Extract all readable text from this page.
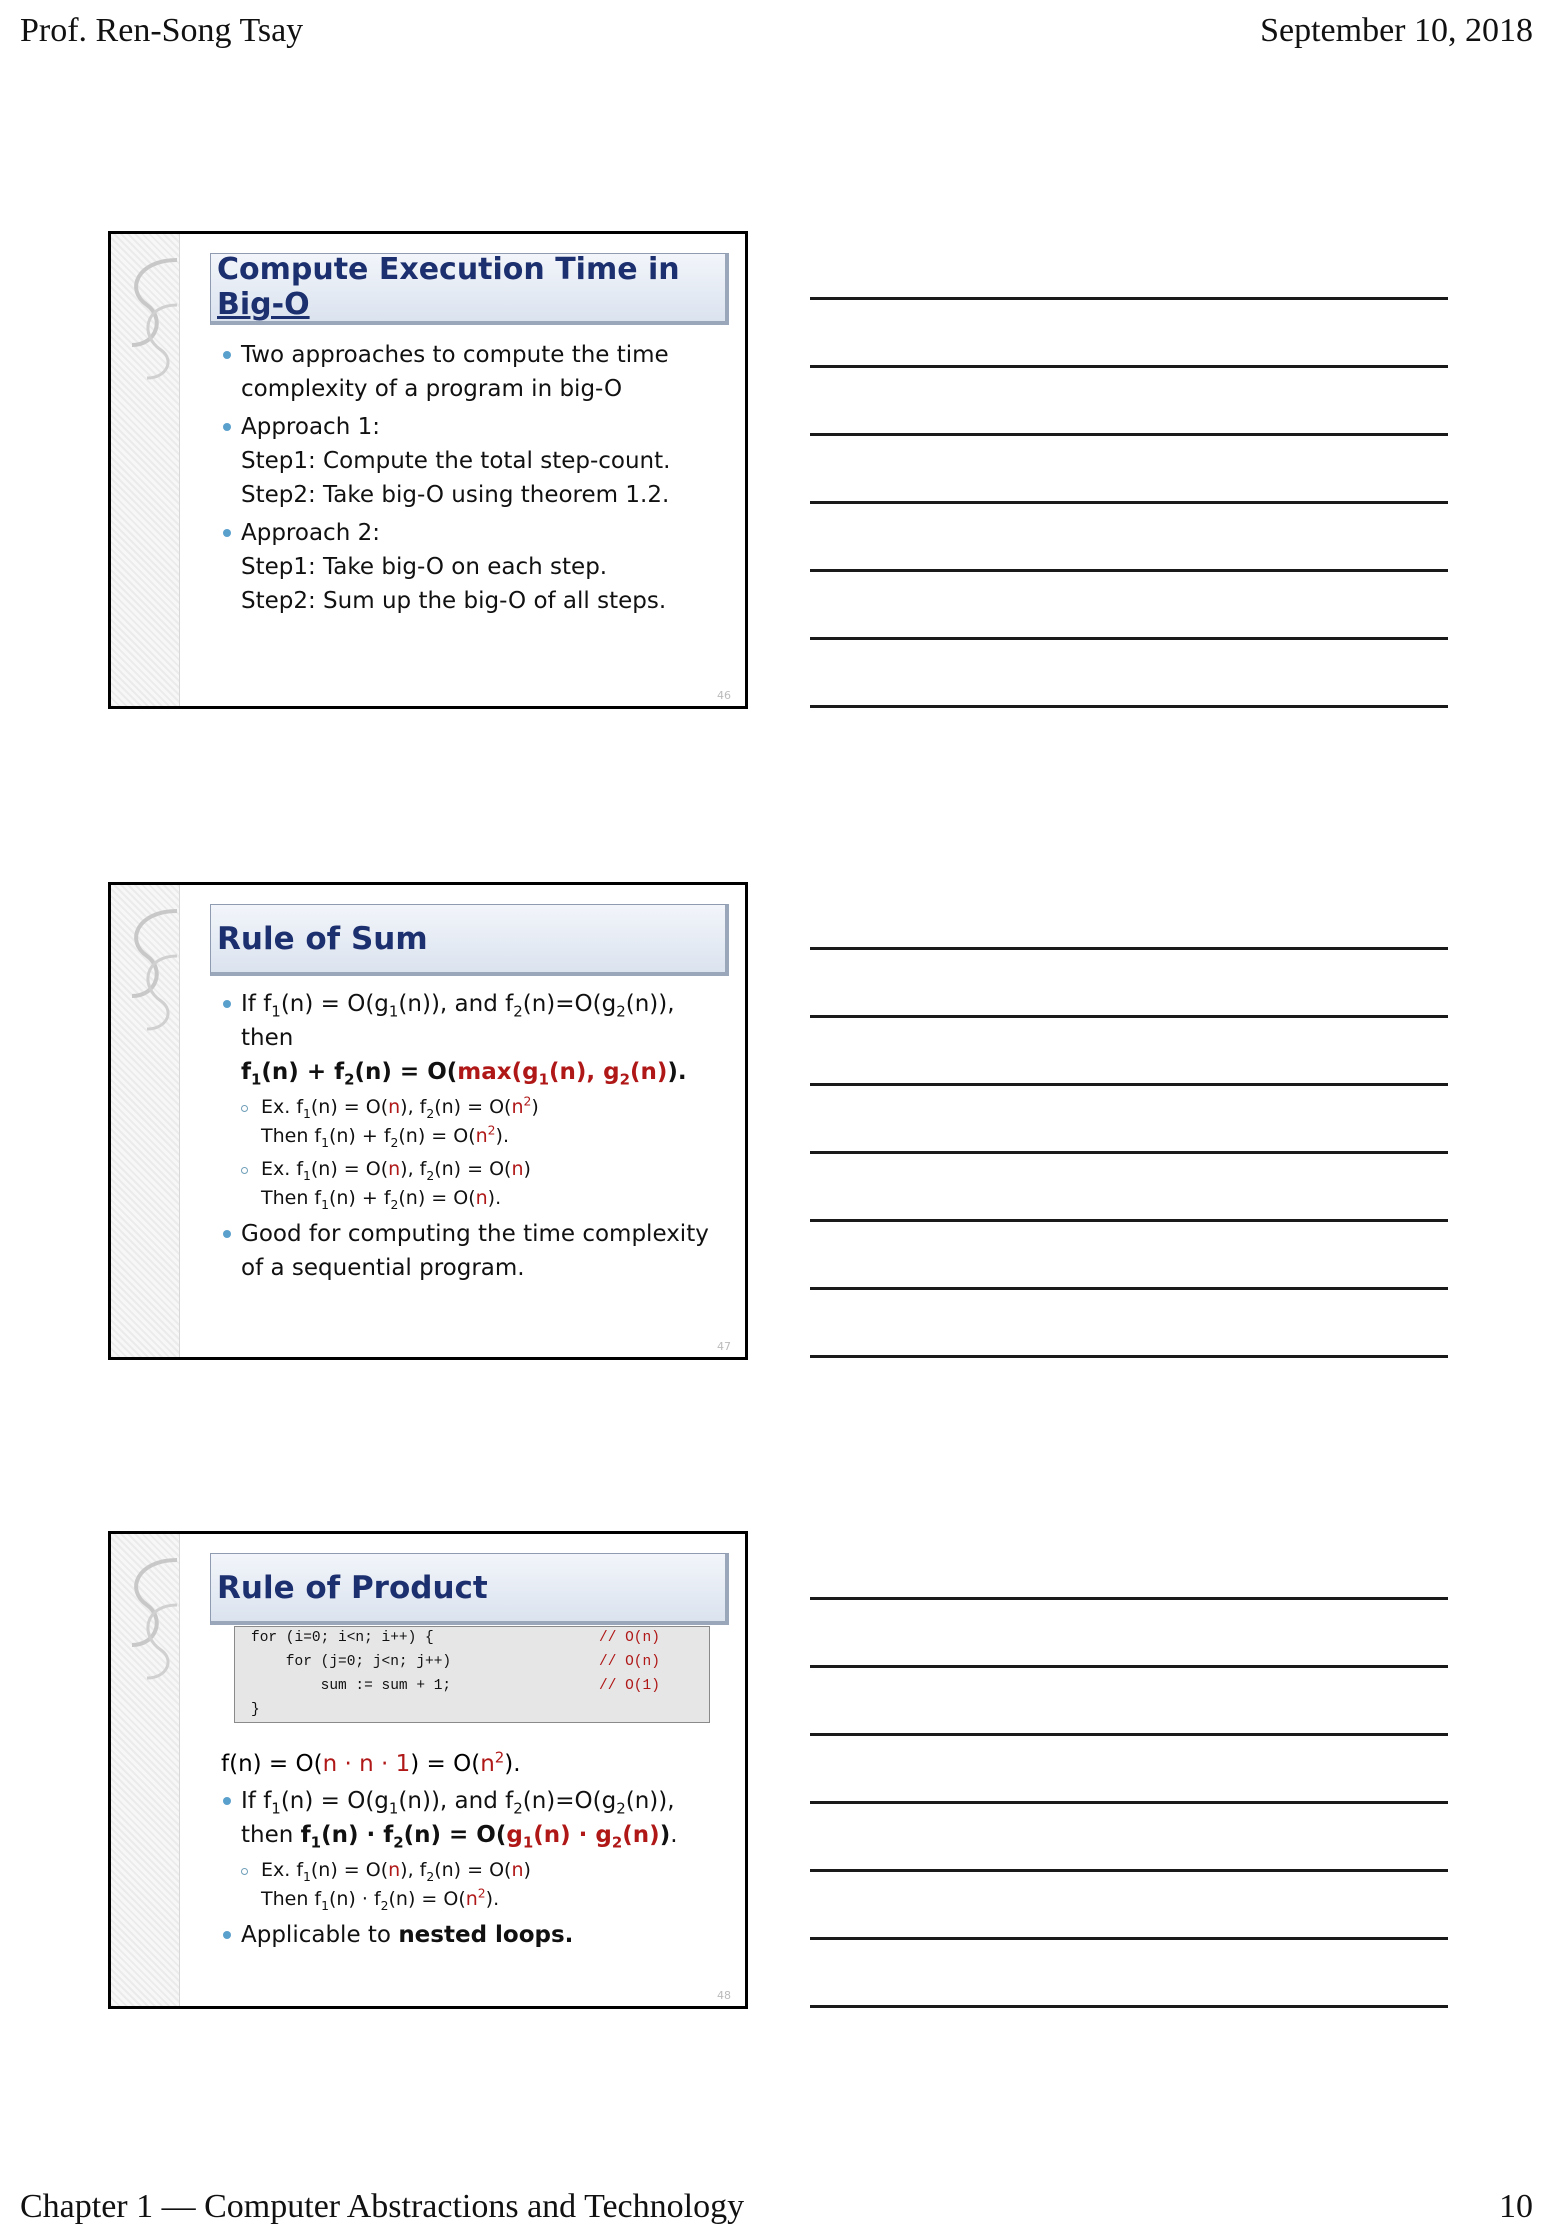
Prof. Ren-Song Tsay	September 10, 2018
Compute Execution Time in
Big-O
Two approaches to compute the time
complexity of a program in big-O
Approach 1:
Step1: Compute the total step-count.
Step2: Take big-O using theorem 1.2.
Approach 2:
Step1: Take big-O on each step.
Step2: Sum up the big-O of all steps.
46
Rule of Sum
If $f_1(n) = O(g_1(n))$, and $f_2(n)=O(g_2(n))$, then
$f_1(n) + f_2(n) = O(\max(g_1(n)$, $g_2(n)$).
Ex. $f_1(n) = O(n)$, $f_2(n) = O(n^2)$
Then $f_1(n) + f_2(n) = O(n^2)$.
Ex. $f_1(n) = O(n)$, $f_2(n) = O(n)$
Then $f_1(n) + f_2(n) = O(n)$.
Good for computing the time complexity
of a sequential program.
47
Rule of Product
for (i=0; i<n; i++) {	// O(n)
for (j=0; j<n; j++)	// O(n)
sum := sum + 1;	// O(1)
}
$f(n) = O(n \cdot n \cdot 1) = O(n^2)$.
If $f_1(n) = O(g_1(n))$, and $f_2(n)=O(g_2(n))$,
then $f_1(n) \cdot f_2(n) = O(g_1(n) \cdot g_2(n))$.
Ex. $f_1(n) = O(n)$, $f_2(n) = O(n)$
Then $f_1(n) \cdot f_2(n) = O(n^2)$.
Applicable to nested loops.
48
Chapter 1 — Computer Abstractions and Technology	10
